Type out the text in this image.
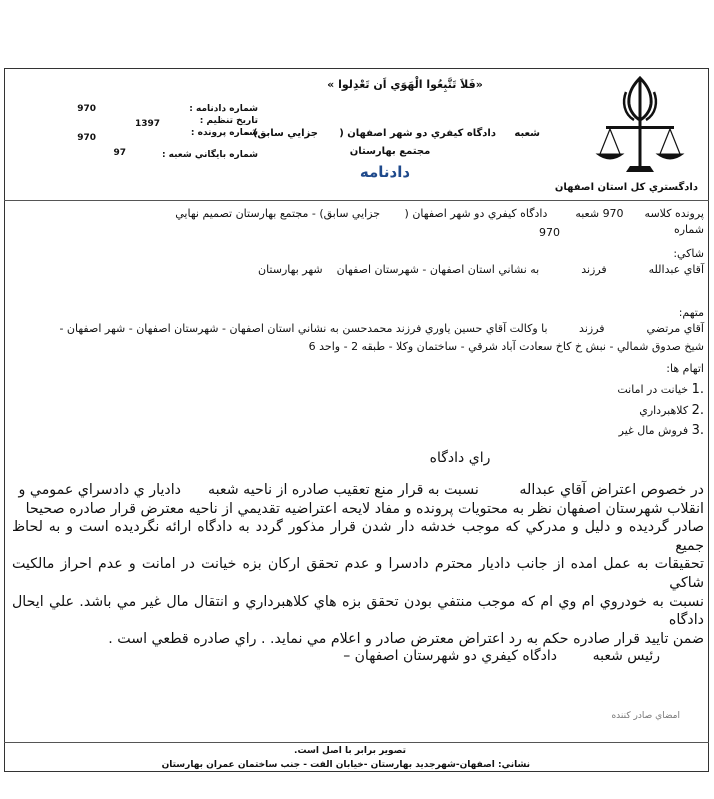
«فَلاَ تَتَّبِعُوا الْهَوَي اَن تَعْدِلوا »
دادگستري كل استان اصفهان
شعبه
دادگاه كيفري دو شهر اصفهان (
جزايي سابق) -
مجتمع بهارستان
دادنامه
شماره دادنامه :
970
تاريخ تنظيم :
1397
شماره پرونده :
970
شماره بايگاني شعبه :
97
پرونده كلاسه      970 شعبه        دادگاه كيفري دو شهر اصفهان (       جزايي سابق) - مجتمع بهارستان تصميم نهايي
شماره
970
شاكي:
آقاي عبدالله            فرزند            به نشاني استان اصفهان - شهرستان اصفهان    شهر بهارستان
متهم:
آقاي مرتضي            فرزند         با وكالت آقاي حسين ياوري فرزند محمدحسن به نشاني استان اصفهان - شهرستان اصفهان - شهر اصفهان -
شيخ صدوق شمالي - نبش خ كاخ سعادت آباد شرقي - ساختمان وكلا - طبقه 2 - واحد 6
اتهام ها:
.1 خيانت در امانت
.2 كلاهبرداري
.3 فروش مال غير
راي دادگاه
در خصوص اعتراض آقاي عبداله         نسبت به قرار منع تعقيب صادره از ناحيه شعبه      داديار ي دادسراي عمومي و
انقلاب شهرستان اصفهان نظر به محتويات پرونده و مفاد لايحه اعتراضيه تقديمي از ناحيه معترض قرار صادره صحيحا
صادر گرديده و دليل و مدركي كه موجب خدشه دار شدن قرار مذكور گردد به دادگاه ارائه نگرديده است و به لحاظ جميع
تحقيقات به عمل امده از جانب داديار محترم دادسرا و عدم تحقق اركان بزه خيانت در امانت و عدم احراز مالكيت شاكي
نسبت به خودروي ام وي ام كه موجب منتفي بودن تحقق بزه هاي كلاهبرداري و انتقال مال غير مي باشد. علي ايحال دادگاه
ضمن تاييد قرار صادره حكم به رد اعتراض معترض صادر و اعلام مي نمايد. . راي صادره قطعي است .
رئيس شعبه        دادگاه كيفري دو شهرستان اصفهان –
امضاي صادر كننده
تصوير برابر با اصل است.
نشاني: اصفهان-شهرجديد بهارستان -خيابان الفت - جنب ساختمان عمران بهارستان
